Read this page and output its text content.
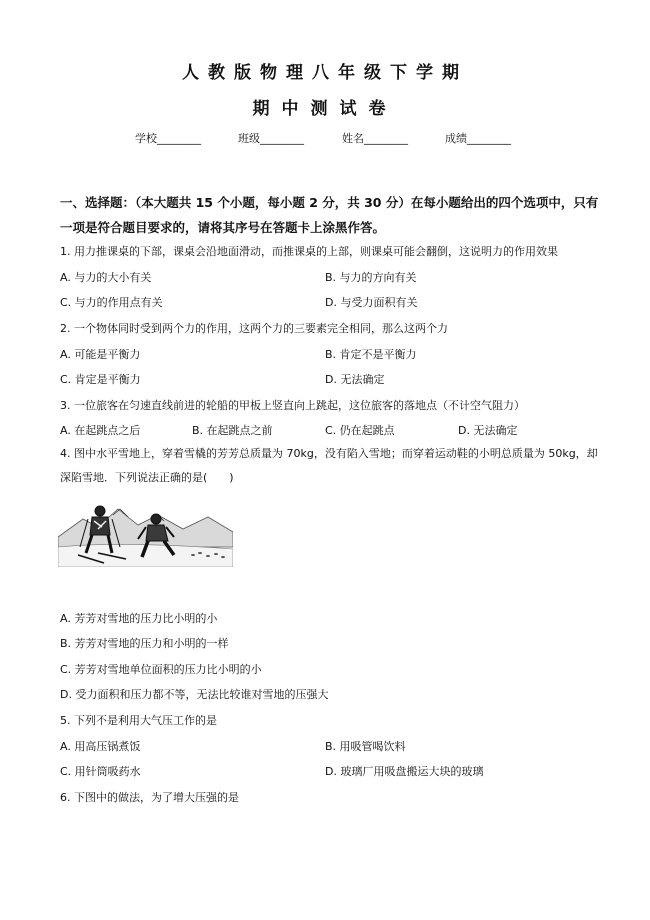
人教版物理八年级下学期
期中测试卷
学校________	班级________	姓名________	成绩________
一、选择题：（本大题共 15 个小题，每小题 2 分，共 30 分）在每小题给出的四个选项中，只有一项是符合题目要求的，请将其序号在答题卡上涂黑作答。
1. 用力推课桌的下部，课桌会沿地面滑动，而推课桌的上部，则课桌可能会翻倒，这说明力的作用效果
A. 与力的大小有关	B. 与力的方向有关
C. 与力的作用点有关	D. 与受力面积有关
2. 一个物体同时受到两个力的作用，这两个力的三要素完全相同，那么这两个力
A. 可能是平衡力	B. 肯定不是平衡力
C. 肯定是平衡力	D. 无法确定
3. 一位旅客在匀速直线前进的轮船的甲板上竖直向上跳起，这位旅客的落地点（不计空气阻力）
A. 在起跳点之后	B. 在起跳点之前	C. 仍在起跳点	D. 无法确定
4. 图中水平雪地上，穿着雪橇的芳芳总质量为 70kg，没有陷入雪地；而穿着运动鞋的小明总质量为 50kg，却深陷雪地．下列说法正确的是(　　)
A. 芳芳对雪地的压力比小明的小
B. 芳芳对雪地的压力和小明的一样
C. 芳芳对雪地单位面积的压力比小明的小
D. 受力面积和压力都不等，无法比较谁对雪地的压强大
5. 下列不是利用大气压工作的是
A. 用高压锅煮饭	B. 用吸管喝饮料
C. 用针筒吸药水	D. 玻璃厂用吸盘搬运大块的玻璃
6. 下图中的做法，为了增大压强的是
